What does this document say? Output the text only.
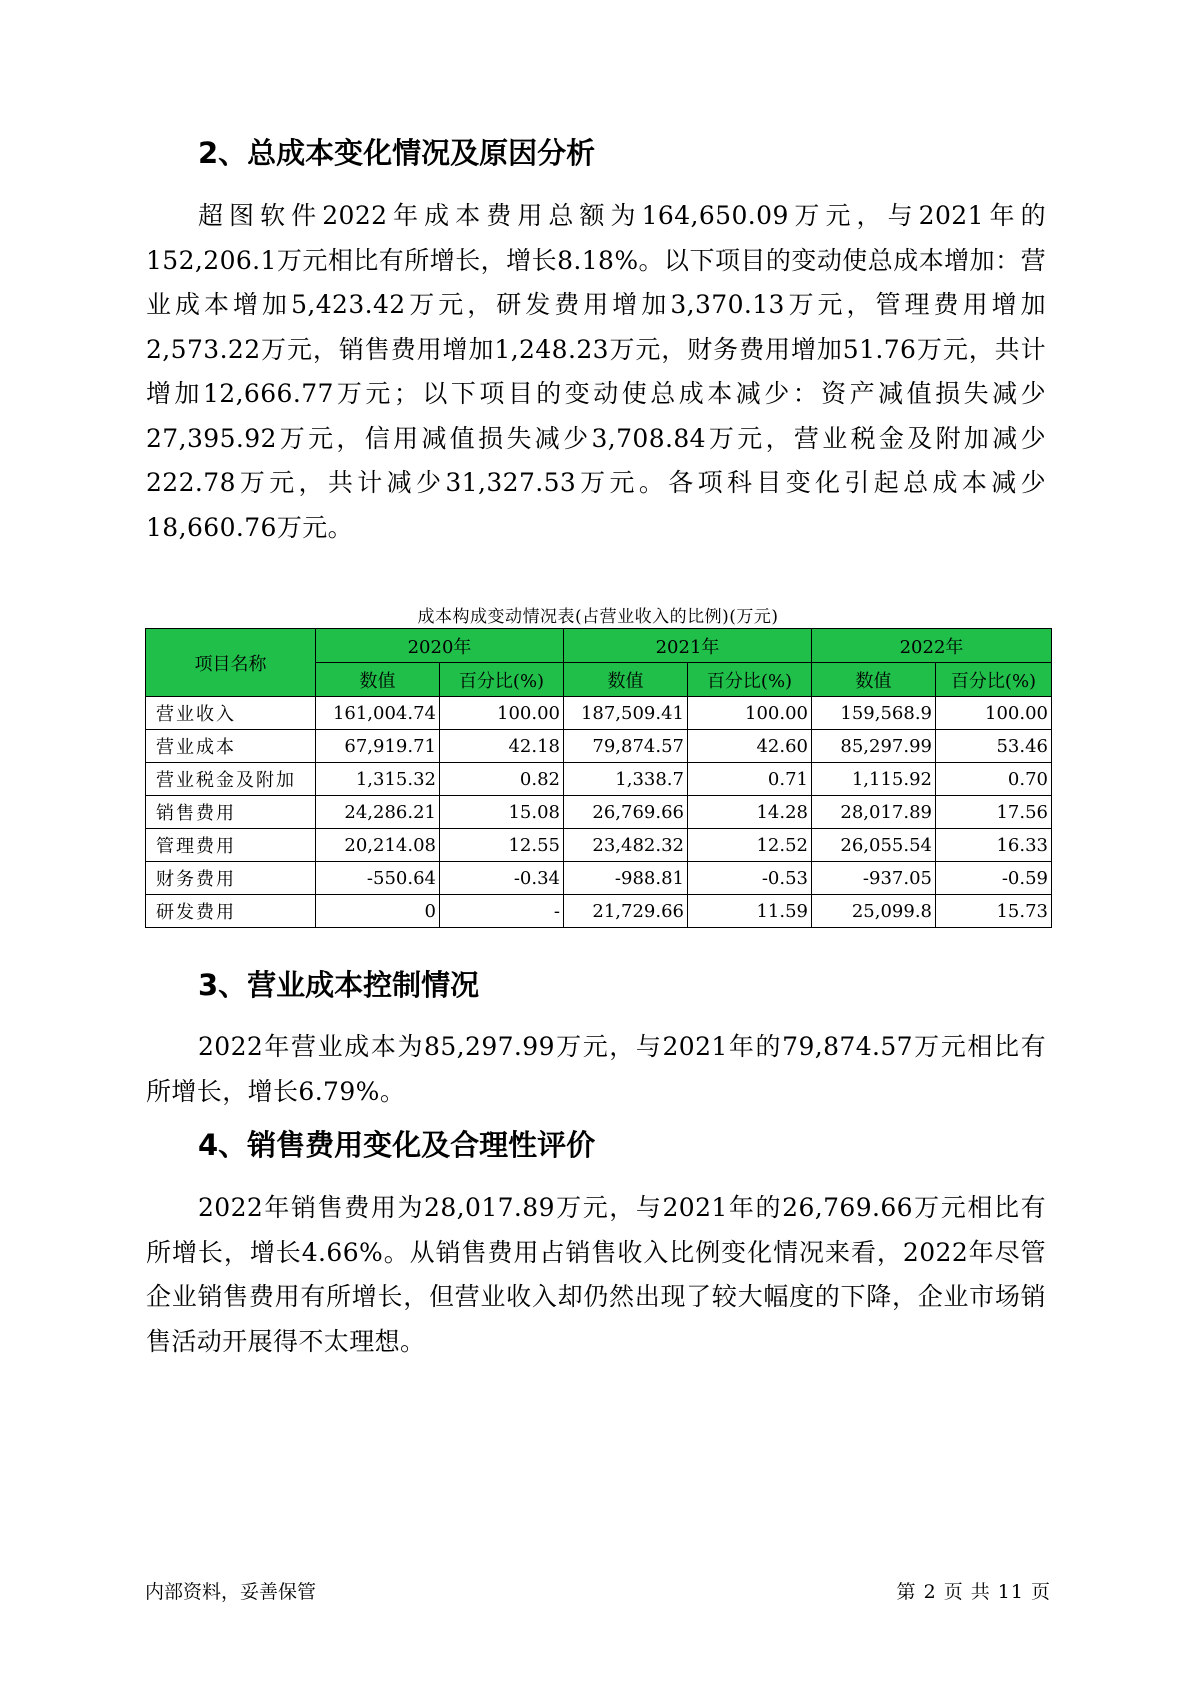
2、总成本变化情况及原因分析

超图软件2022年成本费用总额为164,650.09万元，与2021年的152,206.1万元相比有所增长，增长8.18%。以下项目的变动使总成本增加：营业成本增加5,423.42万元，研发费用增加3,370.13万元，管理费用增加2,573.22万元，销售费用增加1,248.23万元，财务费用增加51.76万元，共计增加12,666.77万元；以下项目的变动使总成本减少：资产减值损失减少27,395.92万元，信用减值损失减少3,708.84万元，营业税金及附加减少222.78万元，共计减少31,327.53万元。各项科目变化引起总成本减少18,660.76万元。

成本构成变动情况表(占营业收入的比例)(万元)
项目名称	2020年		2021年		2022年	
	数值	百分比(%)	数值	百分比(%)	数值	百分比(%)
营业收入	161,004.74	100.00	187,509.41	100.00	159,568.9	100.00
营业成本	67,919.71	42.18	79,874.57	42.60	85,297.99	53.46
营业税金及附加	1,315.32	0.82	1,338.7	0.71	1,115.92	0.70
销售费用	24,286.21	15.08	26,769.66	14.28	28,017.89	17.56
管理费用	20,214.08	12.55	23,482.32	12.52	26,055.54	16.33
财务费用	-550.64	-0.34	-988.81	-0.53	-937.05	-0.59
研发费用	0	-	21,729.66	11.59	25,099.8	15.73
3、营业成本控制情况

2022年营业成本为85,297.99万元，与2021年的79,874.57万元相比有所增长，增长6.79%。

4、销售费用变化及合理性评价

2022年销售费用为28,017.89万元，与2021年的26,769.66万元相比有所增长，增长4.66%。从销售费用占销售收入比例变化情况来看，2022年尽管企业销售费用有所增长，但营业收入却仍然出现了较大幅度的下降，企业市场销售活动开展得不太理想。

内部资料，妥善保管	第 2 页 共 11 页
